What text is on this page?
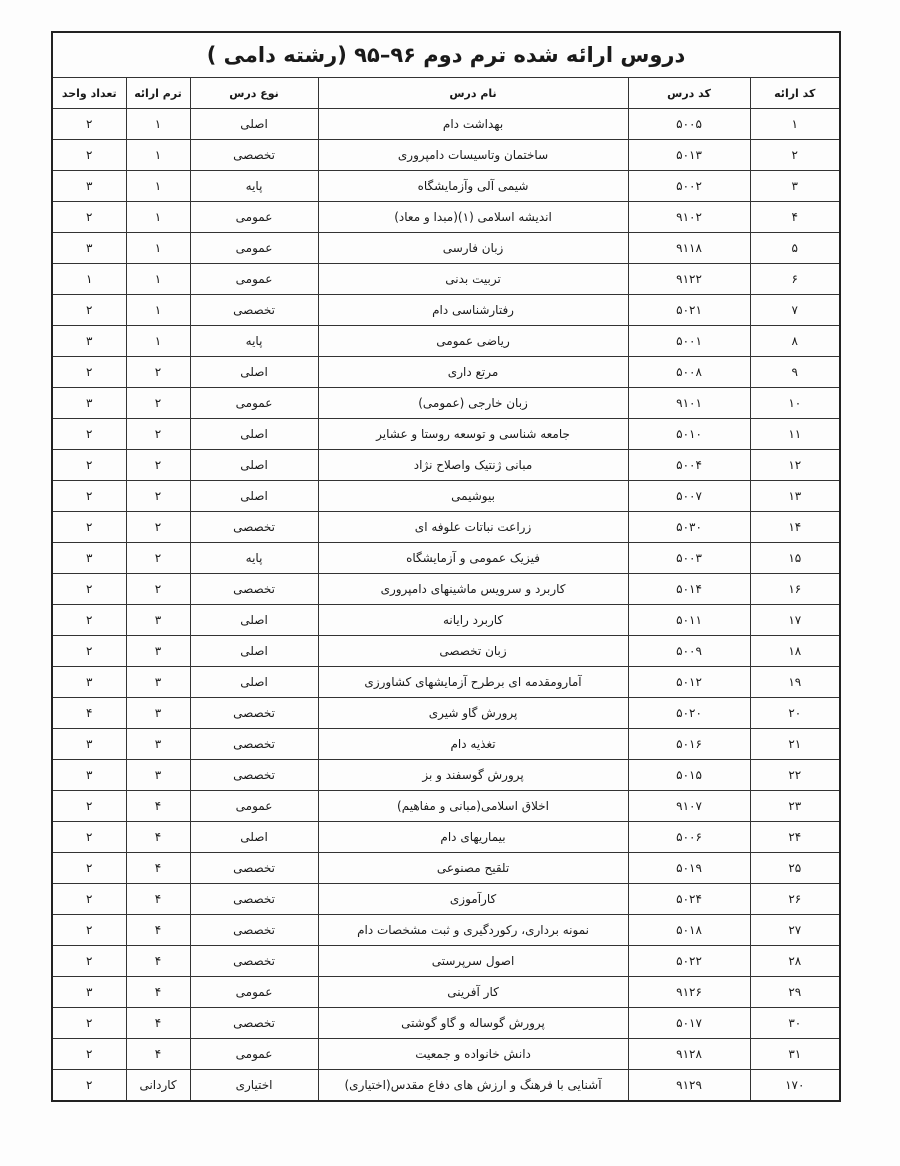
دروس ارائه شده ترم دوم ۹۶–۹۵ (رشته دامی )					
کد ارائه	کد درس	نام درس	نوع درس	ترم ارائه	تعداد واحد
۱	۵۰۰۵	بهداشت دام	اصلی	۱	۲
۲	۵۰۱۳	ساختمان وتاسیسات دامپروری	تخصصی	۱	۲
۳	۵۰۰۲	شیمی آلی وآزمایشگاه	پایه	۱	۳
۴	۹۱۰۲	اندیشه اسلامی (۱)(مبدا و معاد)	عمومی	۱	۲
۵	۹۱۱۸	زبان فارسی	عمومی	۱	۳
۶	۹۱۲۲	تربیت بدنی	عمومی	۱	۱
۷	۵۰۲۱	رفتارشناسی دام	تخصصی	۱	۲
۸	۵۰۰۱	ریاضی عمومی	پایه	۱	۳
۹	۵۰۰۸	مرتع داری	اصلی	۲	۲
۱۰	۹۱۰۱	زبان خارجی (عمومی)	عمومی	۲	۳
۱۱	۵۰۱۰	جامعه شناسی و توسعه روستا و عشایر	اصلی	۲	۲
۱۲	۵۰۰۴	مبانی ژنتیک واصلاح نژاد	اصلی	۲	۲
۱۳	۵۰۰۷	بیوشیمی	اصلی	۲	۲
۱۴	۵۰۳۰	زراعت نباتات علوفه ای	تخصصی	۲	۲
۱۵	۵۰۰۳	فیزیک عمومی و آزمایشگاه	پایه	۲	۳
۱۶	۵۰۱۴	کاربرد و سرویس ماشینهای دامپروری	تخصصی	۲	۲
۱۷	۵۰۱۱	کاربرد رایانه	اصلی	۳	۲
۱۸	۵۰۰۹	زبان تخصصی	اصلی	۳	۲
۱۹	۵۰۱۲	آمارومقدمه ای برطرح آزمایشهای کشاورزی	اصلی	۳	۳
۲۰	۵۰۲۰	پرورش گاو شیری	تخصصی	۳	۴
۲۱	۵۰۱۶	تغذیه دام	تخصصی	۳	۳
۲۲	۵۰۱۵	پرورش گوسفند و بز	تخصصی	۳	۳
۲۳	۹۱۰۷	اخلاق اسلامی(مبانی و مفاهیم)	عمومی	۴	۲
۲۴	۵۰۰۶	بیماریهای دام	اصلی	۴	۲
۲۵	۵۰۱۹	تلقیح مصنوعی	تخصصی	۴	۲
۲۶	۵۰۲۴	کارآموزی	تخصصی	۴	۲
۲۷	۵۰۱۸	نمونه برداری، رکوردگیری و ثبت مشخصات دام	تخصصی	۴	۲
۲۸	۵۰۲۲	اصول سرپرستی	تخصصی	۴	۲
۲۹	۹۱۲۶	کار آفرینی	عمومی	۴	۳
۳۰	۵۰۱۷	پرورش گوساله و گاو گوشتی	تخصصی	۴	۲
۳۱	۹۱۲۸	دانش خانواده و جمعیت	عمومی	۴	۲
۱۷۰	۹۱۲۹	آشنایی با فرهنگ و ارزش های دفاع مقدس(اختیاری)	اختیاری	کاردانی	۲
